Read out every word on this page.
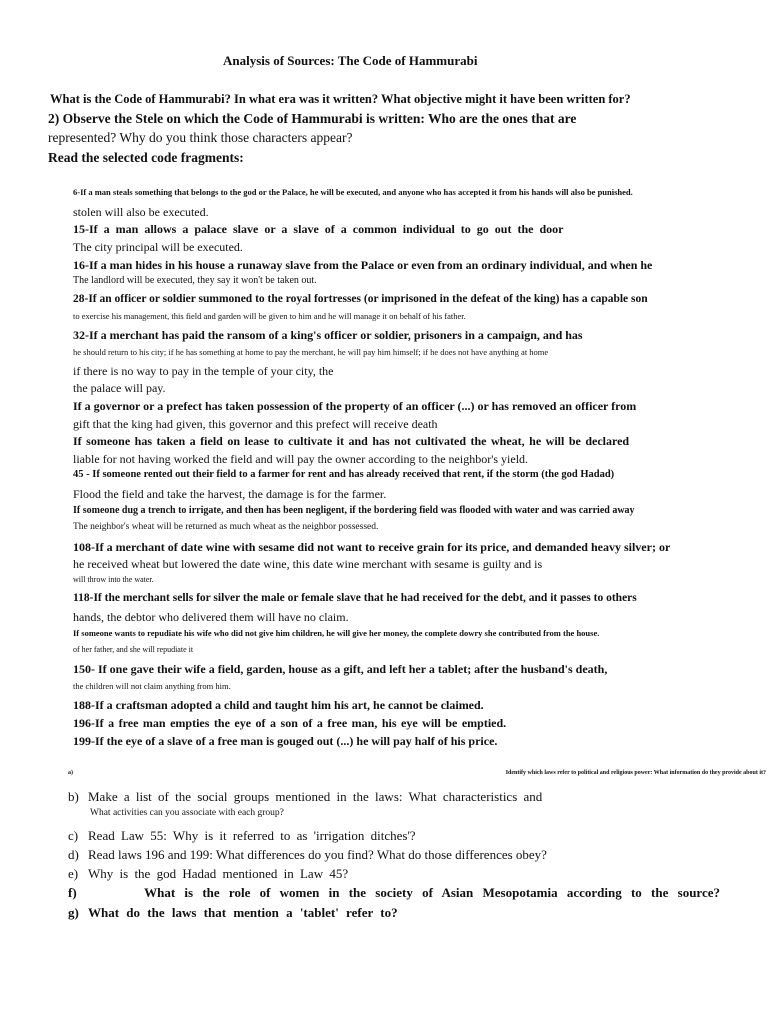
Analysis of Sources: The Code of Hammurabi
What is the Code of Hammurabi? In what era was it written? What objective might it have been written for?
2) Observe the Stele on which the Code of Hammurabi is written: Who are the ones that are
represented? Why do you think those characters appear?
Read the selected code fragments:
6-If a man steals something that belongs to the god or the Palace, he will be executed, and anyone who has accepted it from his hands will also be punished.
stolen will also be executed.
15-If a man allows a palace slave or a slave of a common individual to go out the door
The city principal will be executed.
16-If a man hides in his house a runaway slave from the Palace or even from an ordinary individual, and when he
The landlord will be executed, they say it won't be taken out.
28-If an officer or soldier summoned to the royal fortresses (or imprisoned in the defeat of the king) has a capable son
to exercise his management, this field and garden will be given to him and he will manage it on behalf of his father.
32-If a merchant has paid the ransom of a king's officer or soldier, prisoners in a campaign, and has
he should return to his city; if he has something at home to pay the merchant, he will pay him himself; if he does not have anything at home
if there is no way to pay in the temple of your city, the
the palace will pay.
If a governor or a prefect has taken possession of the property of an officer (...) or has removed an officer from
gift that the king had given, this governor and this prefect will receive death
If someone has taken a field on lease to cultivate it and has not cultivated the wheat, he will be declared
liable for not having worked the field and will pay the owner according to the neighbor's yield.
45 - If someone rented out their field to a farmer for rent and has already received that rent, if the storm (the god Hadad)
Flood the field and take the harvest, the damage is for the farmer.
If someone dug a trench to irrigate, and then has been negligent, if the bordering field was flooded with water and was carried away
The neighbor's wheat will be returned as much wheat as the neighbor possessed.
108-If a merchant of date wine with sesame did not want to receive grain for its price, and demanded heavy silver; or
he received wheat but lowered the date wine, this date wine merchant with sesame is guilty and is
will throw into the water.
118-If the merchant sells for silver the male or female slave that he had received for the debt, and it passes to others
hands, the debtor who delivered them will have no claim.
If someone wants to repudiate his wife who did not give him children, he will give her money, the complete dowry she contributed from the house.
of her father, and she will repudiate it
150- If one gave their wife a field, garden, house as a gift, and left her a tablet; after the husband's death,
the children will not claim anything from him.
188-If a craftsman adopted a child and taught him his art, he cannot be claimed.
196-If a free man empties the eye of a son of a free man, his eye will be emptied.
199-If the eye of a slave of a free man is gouged out (...) he will pay half of his price.
a)	Identify which laws refer to political and religious power: What information do they provide about it?
b) Make a list of the social groups mentioned in the laws: What characteristics and
What activities can you associate with each group?
c) Read Law 55: Why is it referred to as 'irrigation ditches'?
d) Read laws 196 and 199: What differences do you find? What do those differences obey?
e) Why is the god Hadad mentioned in Law 45?
f)	What is the role of women in the society of Asian Mesopotamia according to the source?
g) What do the laws that mention a 'tablet' refer to?
